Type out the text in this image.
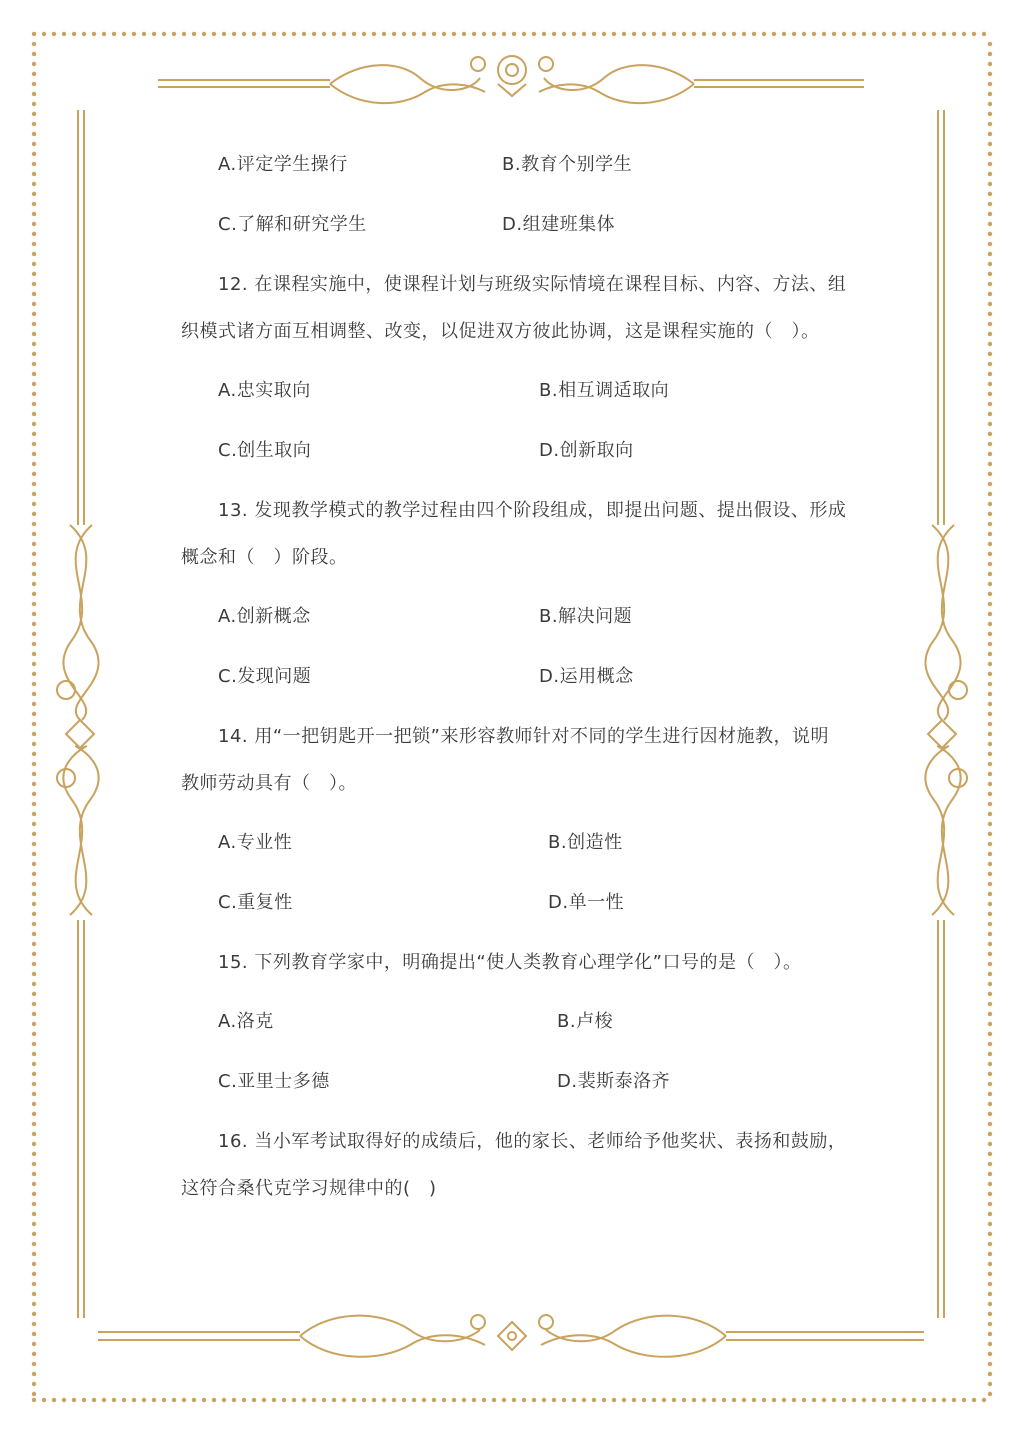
A.评定学生操行	B.教育个别学生
C.了解和研究学生	D.组建班集体
12. 在课程实施中，使课程计划与班级实际情境在课程目标、内容、方法、组
织模式诸方面互相调整、改变，以促进双方彼此协调，这是课程实施的（　）。
A.忠实取向	B.相互调适取向
C.创生取向	D.创新取向
13. 发现教学模式的教学过程由四个阶段组成，即提出问题、提出假设、形成
概念和（　）阶段。
A.创新概念	B.解决问题
C.发现问题	D.运用概念
14. 用“一把钥匙开一把锁”来形容教师针对不同的学生进行因材施教，说明
教师劳动具有（　）。
A.专业性	B.创造性
C.重复性	D.单一性
15. 下列教育学家中，明确提出“使人类教育心理学化”口号的是（　）。
A.洛克	B.卢梭
C.亚里士多德	D.裴斯泰洛齐
16. 当小军考试取得好的成绩后，他的家长、老师给予他奖状、表扬和鼓励，
这符合桑代克学习规律中的(　)
